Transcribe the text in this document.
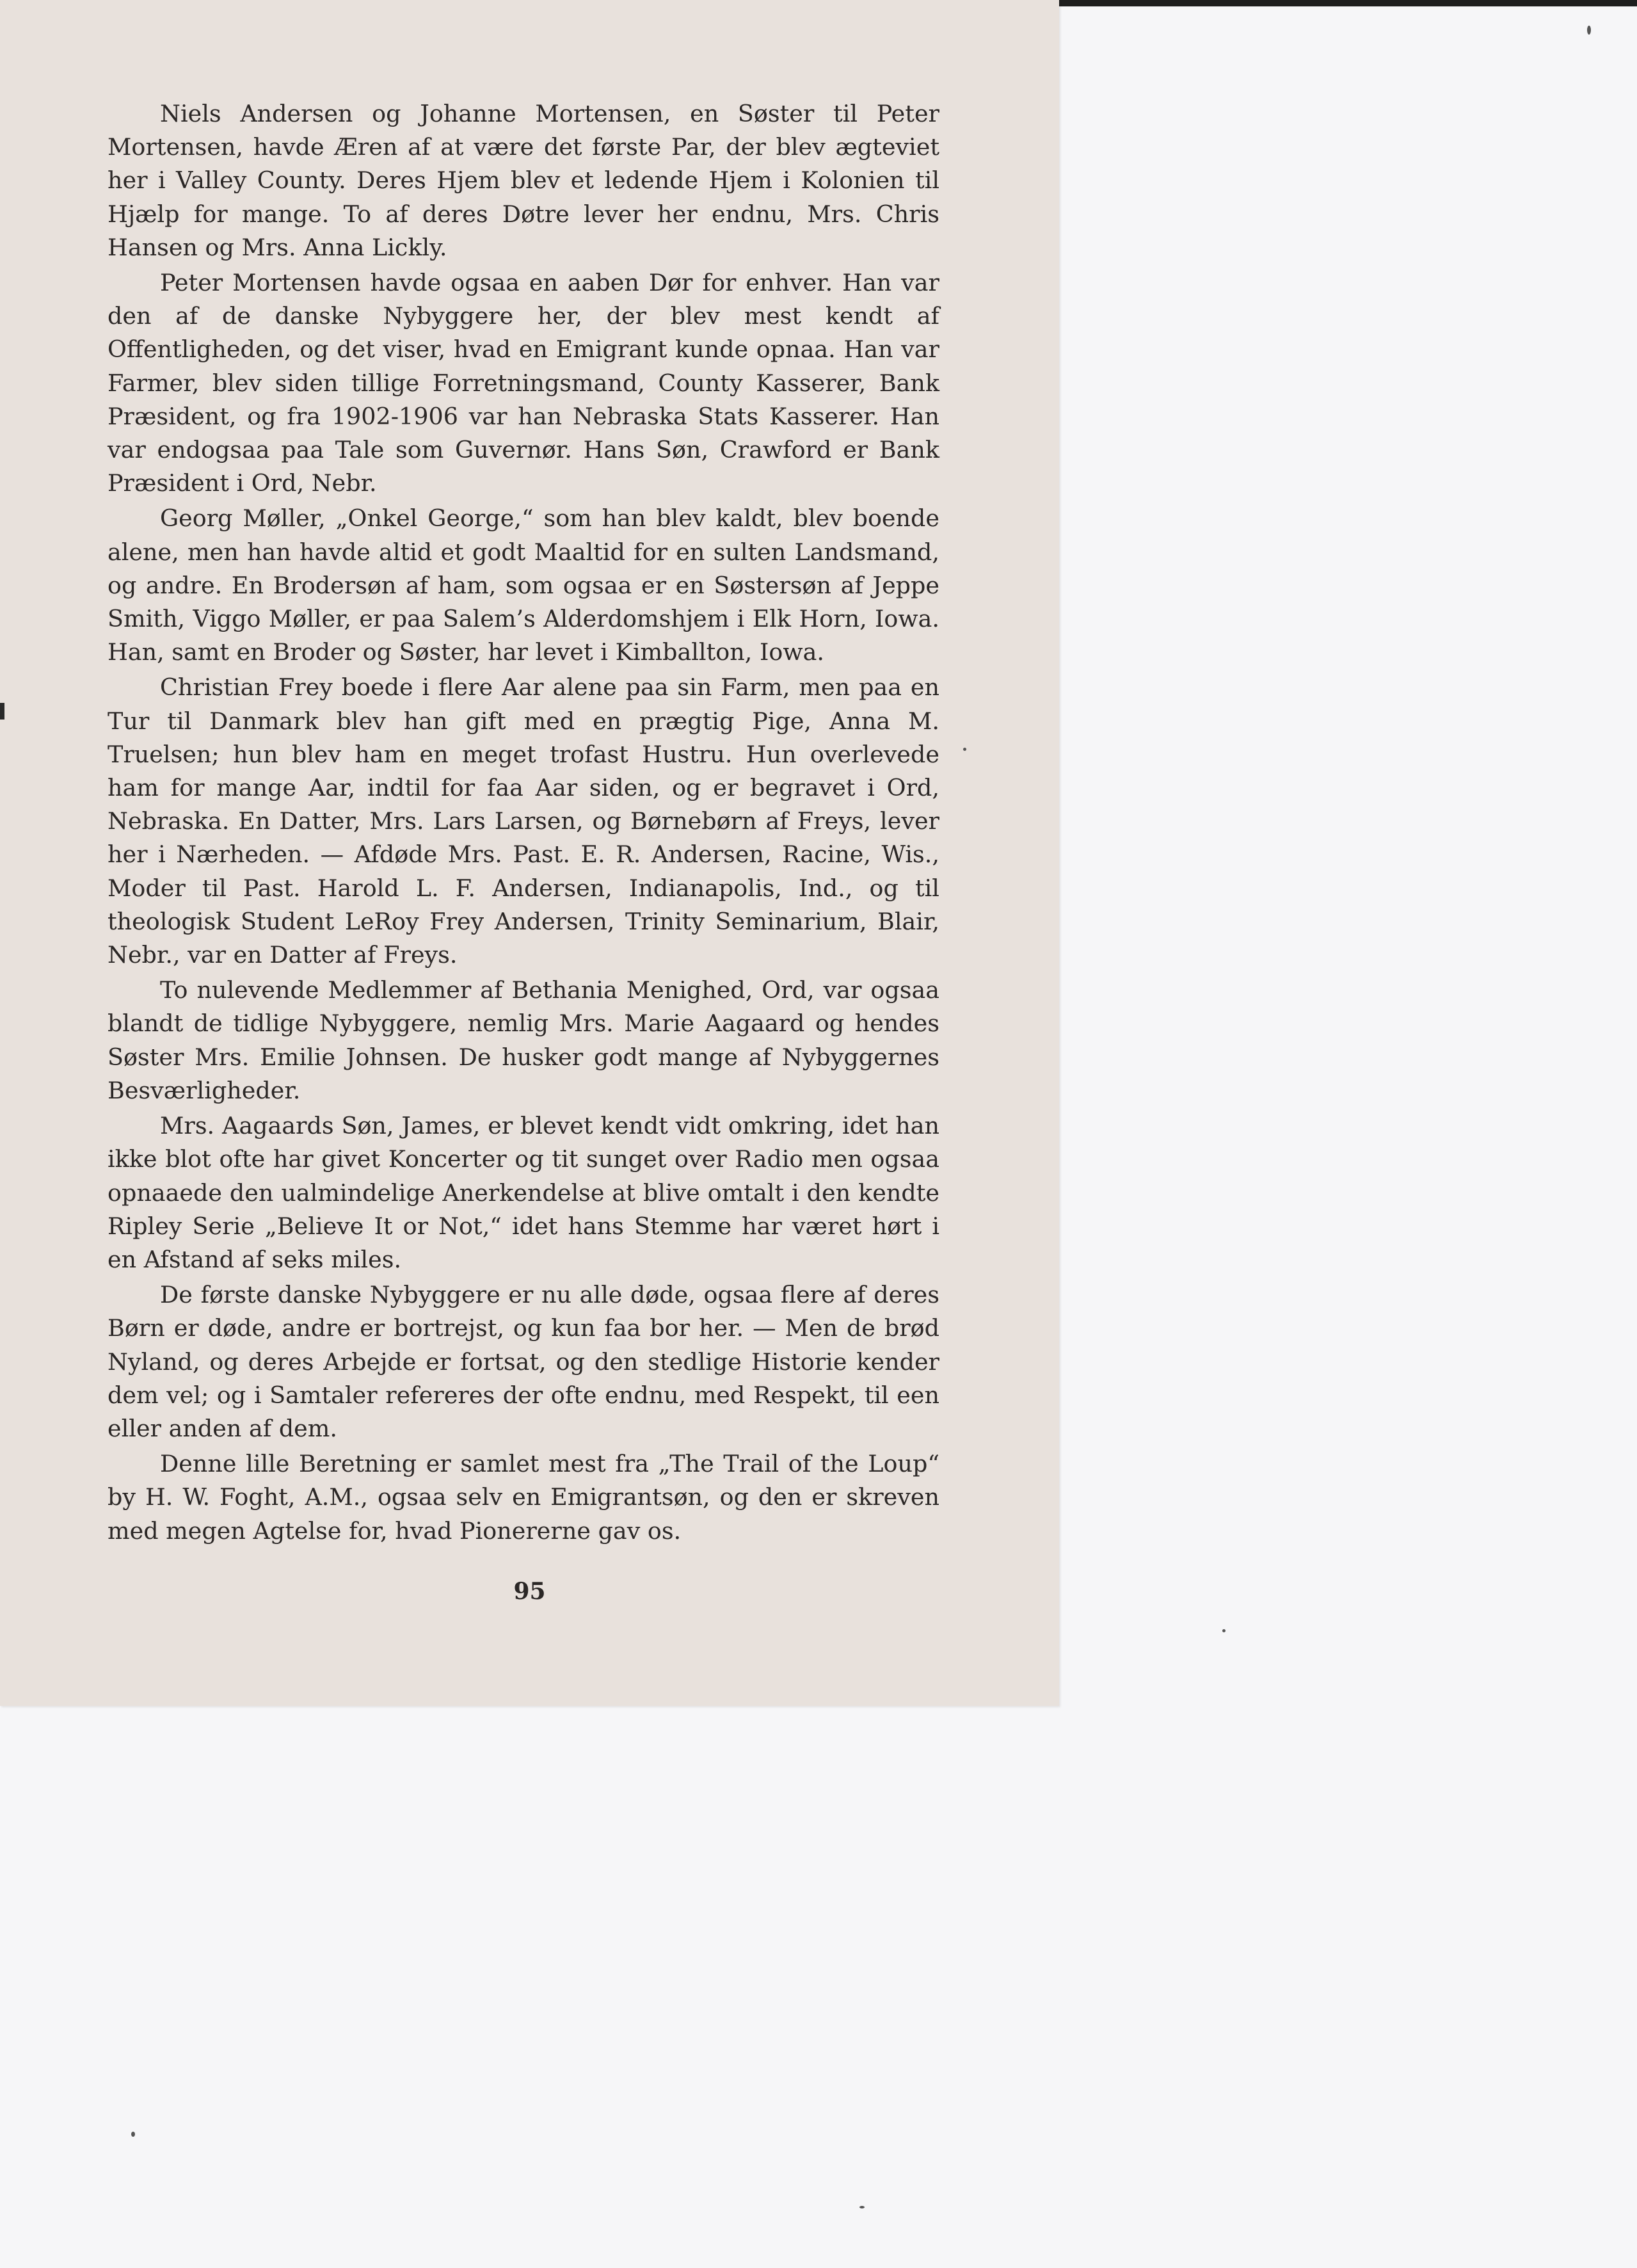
Niels Andersen og Johanne Mortensen, en Søster til Peter Mortensen, havde Æren af at være det første Par, der blev ægteviet her i Valley County. Deres Hjem blev et ledende Hjem i Kolonien til Hjælp for mange. To af deres Døtre lever her endnu, Mrs. Chris Hansen og Mrs. Anna Lickly.

Peter Mortensen havde ogsaa en aaben Dør for enhver. Han var den af de danske Nybyggere her, der blev mest kendt af Offentligheden, og det viser, hvad en Emigrant kunde opnaa. Han var Farmer, blev siden tillige Forretningsmand, County Kasserer, Bank Præsident, og fra 1902-1906 var han Nebraska Stats Kasserer. Han var endogsaa paa Tale som Guvernør. Hans Søn, Crawford er Bank Præsident i Ord, Nebr.

Georg Møller, „Onkel George,“ som han blev kaldt, blev boende alene, men han havde altid et godt Maaltid for en sulten Landsmand, og andre. En Brodersøn af ham, som ogsaa er en Søstersøn af Jeppe Smith, Viggo Møller, er paa Salem’s Alderdomshjem i Elk Horn, Iowa. Han, samt en Broder og Søster, har levet i Kimballton, Iowa.

Christian Frey boede i flere Aar alene paa sin Farm, men paa en Tur til Danmark blev han gift med en prægtig Pige, Anna M. Truelsen; hun blev ham en meget trofast Hustru. Hun overlevede ham for mange Aar, indtil for faa Aar siden, og er begravet i Ord, Nebraska. En Datter, Mrs. Lars Larsen, og Børnebørn af Freys, lever her i Nærheden. — Afdøde Mrs. Past. E. R. Andersen, Racine, Wis., Moder til Past. Harold L. F. Andersen, Indianapolis, Ind., og til theologisk Student LeRoy Frey Andersen, Trinity Seminarium, Blair, Nebr., var en Datter af Freys.

To nulevende Medlemmer af Bethania Menighed, Ord, var ogsaa blandt de tidlige Nybyggere, nemlig Mrs. Marie Aagaard og hendes Søster Mrs. Emilie Johnsen. De husker godt mange af Nybyggernes Besværligheder.

Mrs. Aagaards Søn, James, er blevet kendt vidt omkring, idet han ikke blot ofte har givet Koncerter og tit sunget over Radio men ogsaa opnaaede den ualmindelige Anerkendelse at blive omtalt i den kendte Ripley Serie „Believe It or Not,“ idet hans Stemme har været hørt i en Afstand af seks miles.

De første danske Nybyggere er nu alle døde, ogsaa flere af deres Børn er døde, andre er bortrejst, og kun faa bor her. — Men de brød Nyland, og deres Arbejde er fortsat, og den stedlige Historie kender dem vel; og i Samtaler refereres der ofte endnu, med Respekt, til een eller anden af dem.

Denne lille Beretning er samlet mest fra „The Trail of the Loup“ by H. W. Foght, A.M., ogsaa selv en Emigrantsøn, og den er skreven med megen Agtelse for, hvad Pionererne gav os.

95
